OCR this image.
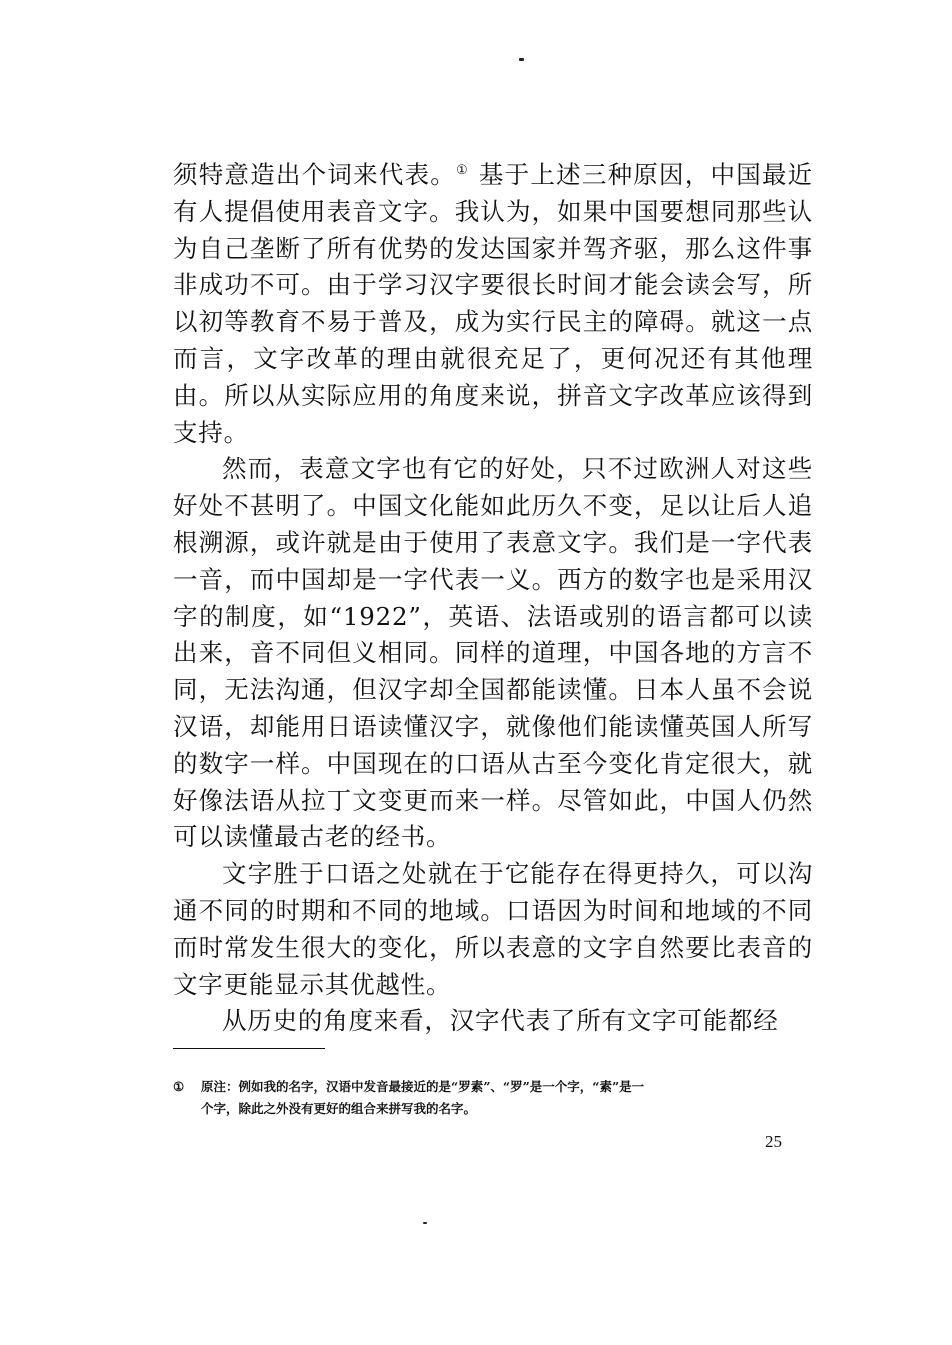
须特意造出个词来代表。① 基于上述三种原因，中国最近有人提倡使用表音文字。我认为，如果中国要想同那些认为自己垄断了所有优势的发达国家并驾齐驱，那么这件事非成功不可。由于学习汉字要很长时间才能会读会写，所以初等教育不易于普及，成为实行民主的障碍。就这一点而言，文字改革的理由就很充足了，更何况还有其他理由。所以从实际应用的角度来说，拼音文字改革应该得到支持。

然而，表意文字也有它的好处，只不过欧洲人对这些好处不甚明了。中国文化能如此历久不变，足以让后人追根溯源，或许就是由于使用了表意文字。我们是一字代表一音，而中国却是一字代表一义。西方的数字也是采用汉字的制度，如“1922”，英语、法语或别的语言都可以读出来，音不同但义相同。同样的道理，中国各地的方言不同，无法沟通，但汉字却全国都能读懂。日本人虽不会说汉语，却能用日语读懂汉字，就像他们能读懂英国人所写的数字一样。中国现在的口语从古至今变化肯定很大，就好像法语从拉丁文变更而来一样。尽管如此，中国人仍然可以读懂最古老的经书。

文字胜于口语之处就在于它能存在得更持久，可以沟通不同的时期和不同的地域。口语因为时间和地域的不同而时常发生很大的变化，所以表意的文字自然要比表音的文字更能显示其优越性。

从历史的角度来看，汉字代表了所有文字可能都经

① 原注：例如我的名字，汉语中发音最接近的是“罗素”、“罗”是一个字，“素”是一
个字，除此之外没有更好的组合来拼写我的名字。
25
